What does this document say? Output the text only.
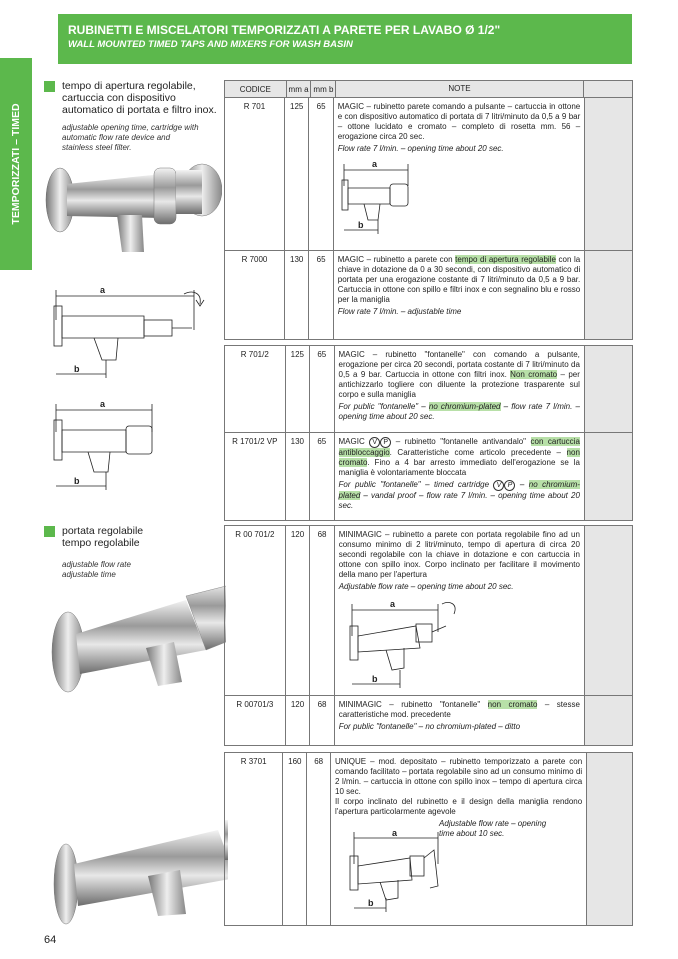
RUBINETTI E MISCELATORI TEMPORIZZATI A PARETE PER LAVABO Ø 1/2"
WALL MOUNTED TIMED TAPS AND MIXERS FOR WASH BASIN
TEMPORIZZATI – TIMED
tempo di apertura regolabile,
cartuccia con dispositivo
automatico di portata e filtro inox.
adjustable opening time, cartridge with
automatic flow rate device and
stainless steel filter.
a
b
a
b
portata regolabile
tempo regolabile
adjustable flow rate
adjustable time
a
b
a
b
CODICE	mm a	mm b	NOTE	
R 701	125	65	MAGIC – rubinetto parete comando a pulsante – cartuccia in ottone e con dispositivo automatico di portata di 7 litri/minuto da 0,5 a 9 bar – ottone lucidato e cromato – completo di rosetta mm. 56 – erogazione circa 20 sec.
Flow rate 7 l/min. – opening time about 20 sec.
a
b	

R 7000	130	65	MAGIC – rubinetto a parete con tempo di apertura regolabile con la chiave in dotazione da 0 a 30 secondi, con dispositivo automatico di portata per una erogazione costante di 7 litri/minuto da 0,5 a 9 bar. Cartuccia in ottone con spillo e filtri inox e con segnalino blu e rosso per la maniglia
Flow rate 7 l/min. – adjustable time	

R 701/2	125	65	MAGIC – rubinetto "fontanelle" con comando a pulsante, erogazione per circa 20 secondi, portata costante di 7 litri/minuto da 0,5 a 9 bar. Cartuccia in ottone con filtri inox. Non cromato – per antichizzarlo togliere con diluente la protezione trasparente sul corpo e sulla maniglia
For public "fontanelle" – no chromium-plated – flow rate 7 l/min. – opening time about 20 sec.	

R 1701/2 VP	130	65	MAGIC V P – rubinetto "fontanelle antivandalo" con cartuccia antibloccaggio. Caratteristiche come articolo precedente – non cromato. Fino a 4 bar arresto immediato dell'erogazione se la maniglia è volontariamente bloccata
For public "fontanelle" – timed cartridge V P – no chromium-plated – vandal proof – flow rate 7 l/min. – opening time about 20 sec.	

R 00 701/2	120	68	MINIMAGIC – rubinetto a parete con portata regolabile fino ad un consumo minimo di 2 litri/minuto, tempo di apertura di circa 20 secondi regolabile con la chiave in dotazione e con cartuccia in ottone con spillo inox. Corpo inclinato per facilitare il movimento della mano per l'apertura
Adjustable flow rate – opening time about 20 sec.	

R 00701/3	120	68	MINIMAGIC – rubinetto "fontanelle" non cromato – stesse caratteristiche mod. precedente
For public "fontanelle" – no chromium-plated – ditto	

R 3701	160	68	UNIQUE – mod. depositato – rubinetto temporizzato a parete con comando facilitato – portata regolabile sino ad un consumo minimo di 2 l/min. – cartuccia in ottone con spillo inox – tempo di apertura circa 10 sec.
Il corpo inclinato del rubinetto e il design della maniglia rendono l'apertura particolarmente agevole
Adjustable flow rate – opening time about 10 sec.

64
